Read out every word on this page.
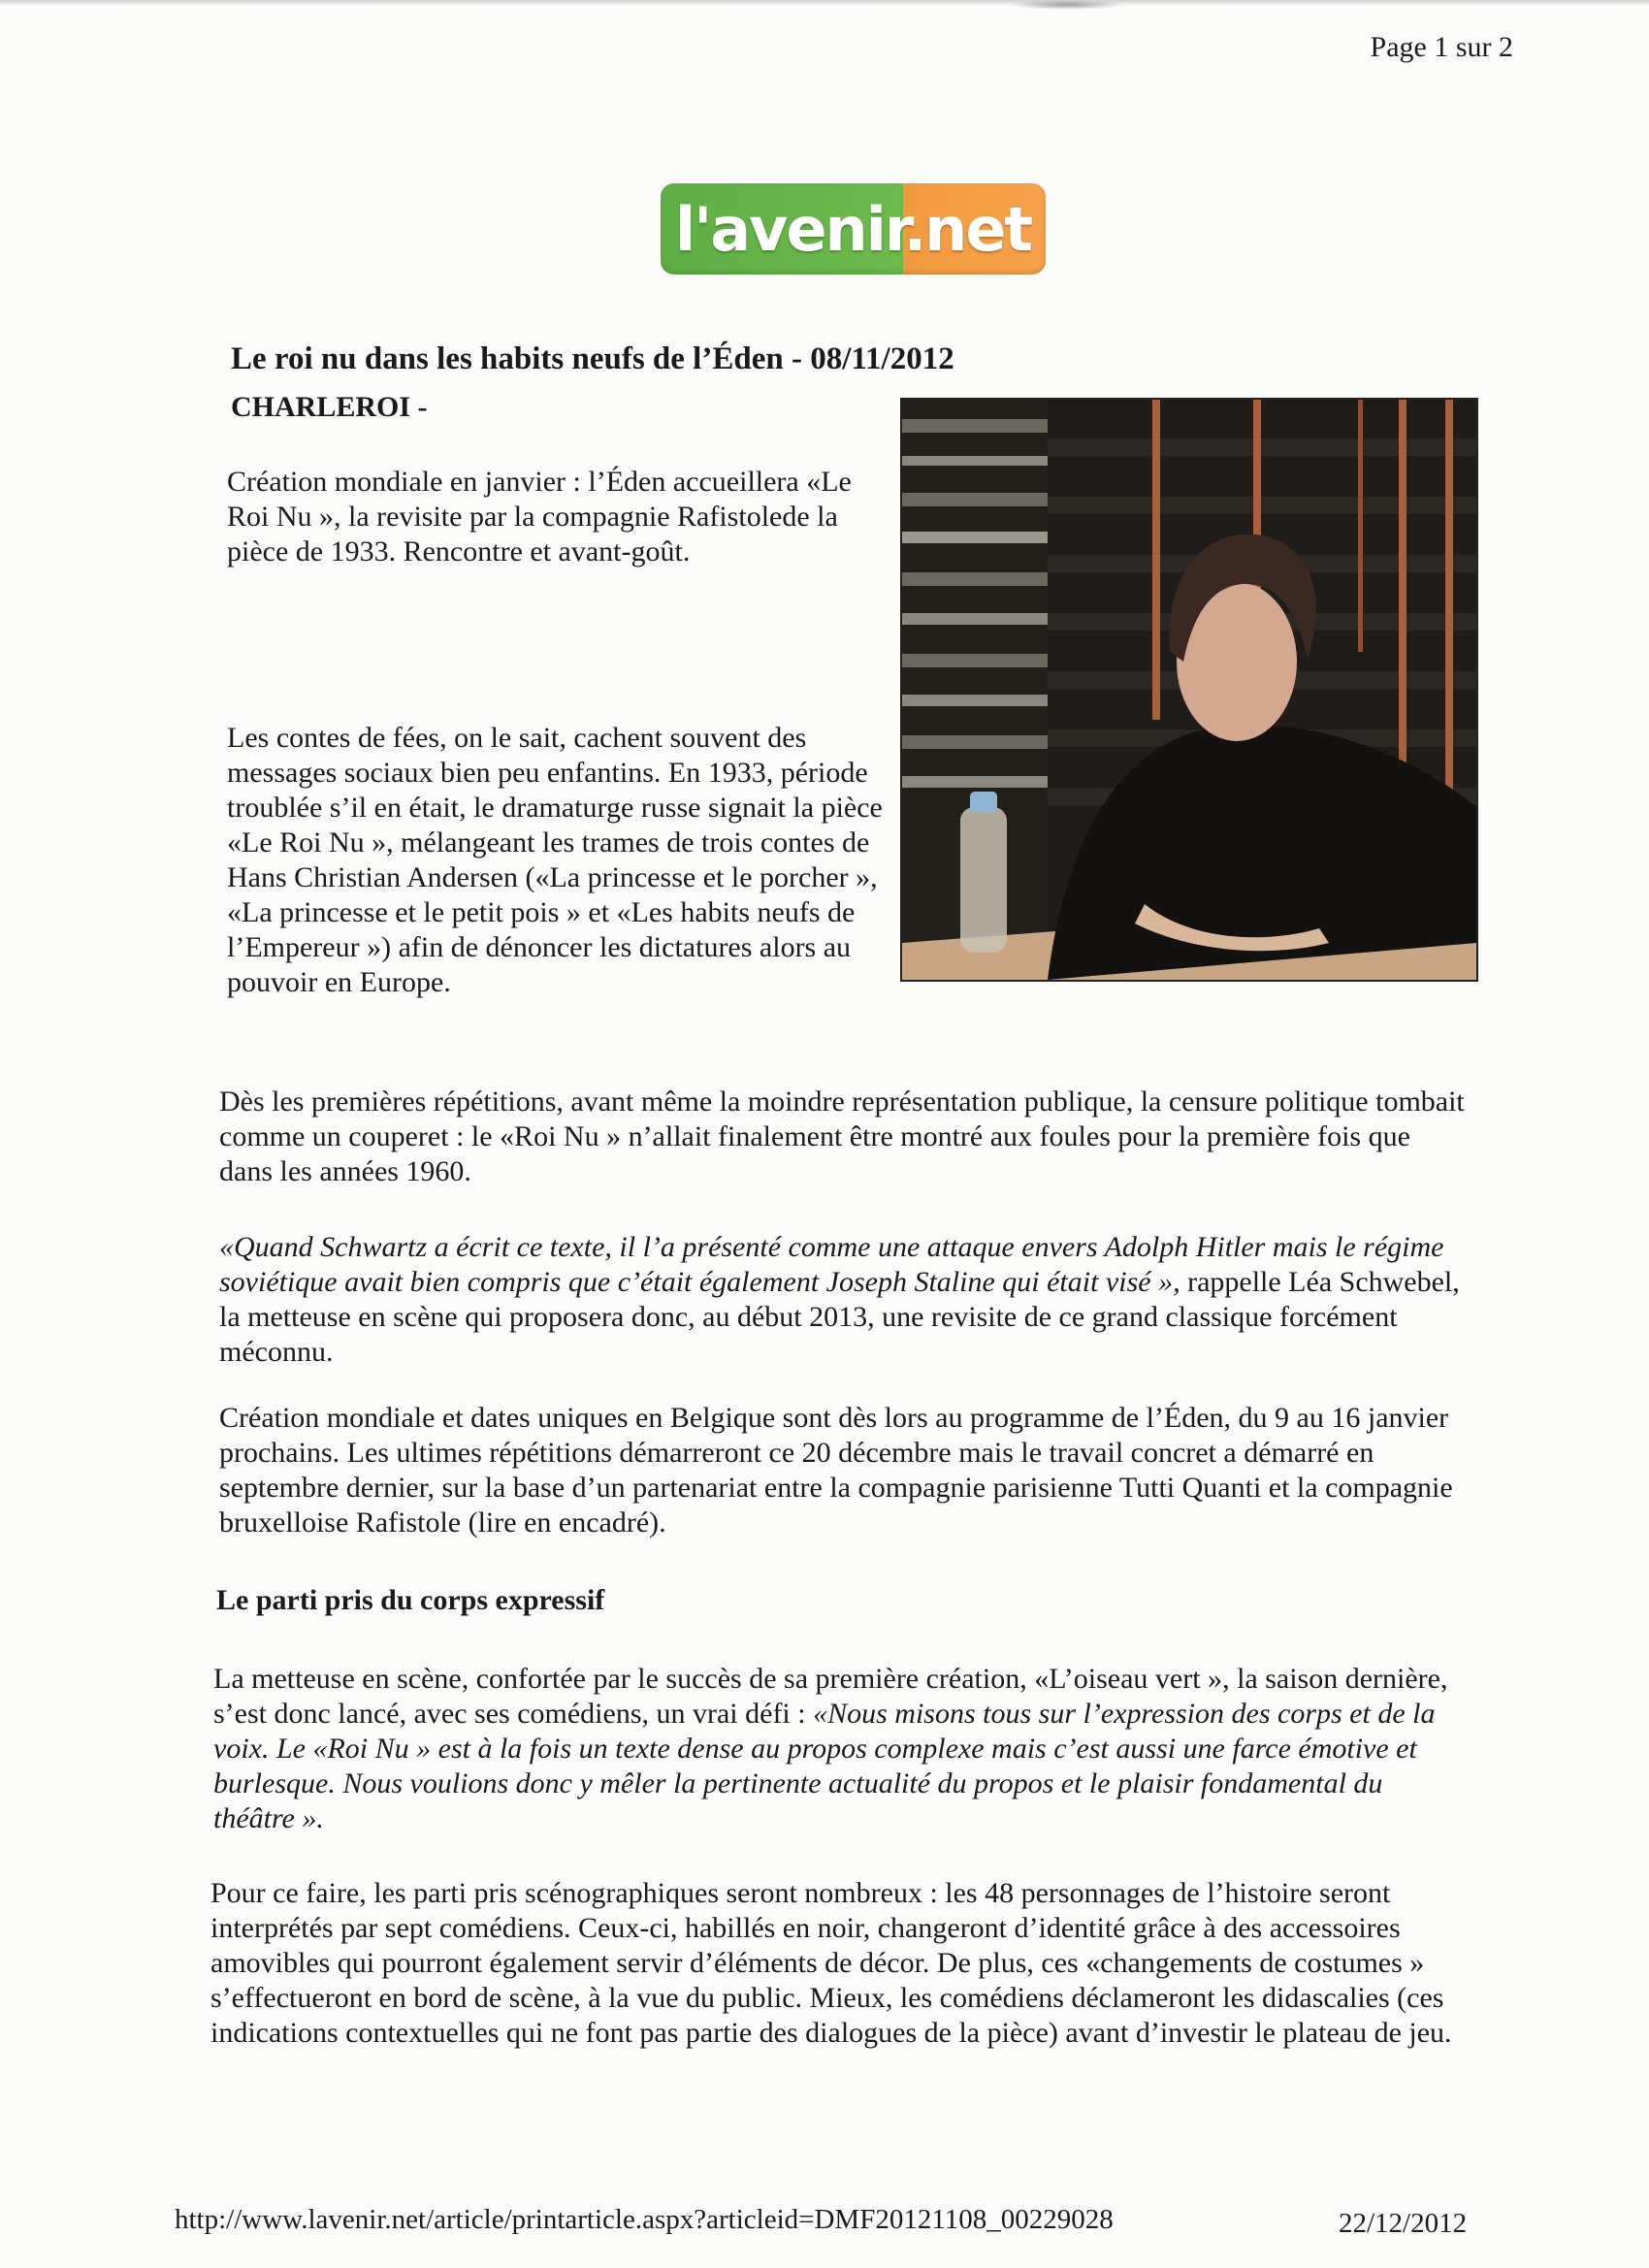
Page 1 sur 2
l'avenir.net
Le roi nu dans les habits neufs de l’Éden - 08/11/2012

CHARLEROI -

Création mondiale en janvier : l’Éden accueillera «Le Roi Nu », la revisite par la compagnie Rafistolede la pièce de 1933. Rencontre et avant-goût.

Les contes de fées, on le sait, cachent souvent des messages sociaux bien peu enfantins. En 1933, période troublée s’il en était, le dramaturge russe signait la pièce «Le Roi Nu », mélangeant les trames de trois contes de Hans Christian Andersen («La princesse et le porcher », «La princesse et le petit pois » et «Les habits neufs de l’Empereur ») afin de dénoncer les dictatures alors au pouvoir en Europe.

Dès les premières répétitions, avant même la moindre représentation publique, la censure politique tombait comme un couperet : le «Roi Nu » n’allait finalement être montré aux foules pour la première fois que dans les années 1960.

«Quand Schwartz a écrit ce texte, il l’a présenté comme une attaque envers Adolph Hitler mais le régime soviétique avait bien compris que c’était également Joseph Staline qui était visé », rappelle Léa Schwebel, la metteuse en scène qui proposera donc, au début 2013, une revisite de ce grand classique forcément méconnu.

Création mondiale et dates uniques en Belgique sont dès lors au programme de l’Éden, du 9 au 16 janvier prochains. Les ultimes répétitions démarreront ce 20 décembre mais le travail concret a démarré en septembre dernier, sur la base d’un partenariat entre la compagnie parisienne Tutti Quanti et la compagnie bruxelloise Rafistole (lire en encadré).

Le parti pris du corps expressif

La metteuse en scène, confortée par le succès de sa première création, «L’oiseau vert », la saison dernière, s’est donc lancé, avec ses comédiens, un vrai défi : «Nous misons tous sur l’expression des corps et de la voix. Le «Roi Nu » est à la fois un texte dense au propos complexe mais c’est aussi une farce émotive et burlesque. Nous voulions donc y mêler la pertinente actualité du propos et le plaisir fondamental du théâtre ».

Pour ce faire, les parti pris scénographiques seront nombreux : les 48 personnages de l’histoire seront interprétés par sept comédiens. Ceux-ci, habillés en noir, changeront d’identité grâce à des accessoires amovibles qui pourront également servir d’éléments de décor. De plus, ces «changements de costumes » s’effectueront en bord de scène, à la vue du public. Mieux, les comédiens déclameront les didascalies (ces indications contextuelles qui ne font pas partie des dialogues de la pièce) avant d’investir le plateau de jeu.

http://www.lavenir.net/article/printarticle.aspx?articleid=DMF20121108_00229028	22/12/2012
